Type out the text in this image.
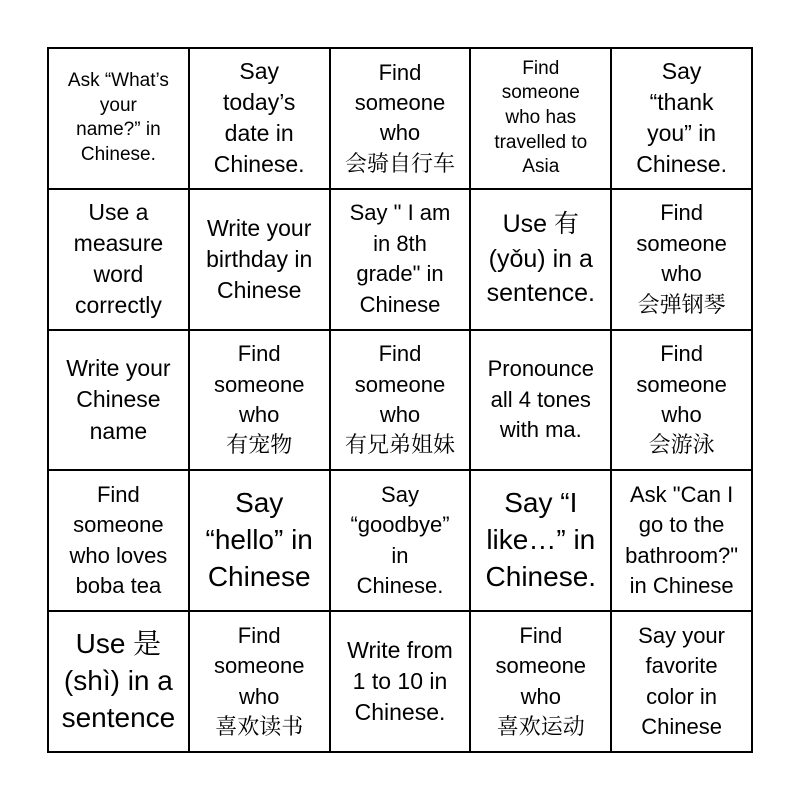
Ask “What’s
your
name?” in
Chinese.
Say
today’s
date in
Chinese.
Find
someone
who
会骑自行车
Find
someone
who has
travelled to
Asia
Say
“thank
you” in
Chinese.
Use a
measure
word
correctly
Write your
birthday in
Chinese
Say " I am
in 8th
grade" in
Chinese
Use 有
(yǒu) in a
sentence.
Find
someone
who
会弹钢琴
Write your
Chinese
name
Find
someone
who
有宠物
Find
someone
who
有兄弟姐妹
Pronounce
all 4 tones
with ma.
Find
someone
who
会游泳
Find
someone
who loves
boba tea
Say
“hello” in
Chinese
Say
“goodbye”
in
Chinese.
Say “I
like…” in
Chinese.
Ask "Can I
go to the
bathroom?"
in Chinese
Use 是
(shì) in a
sentence
Find
someone
who
喜欢读书
Write from
1 to 10 in
Chinese.
Find
someone
who
喜欢运动
Say your
favorite
color in
Chinese
